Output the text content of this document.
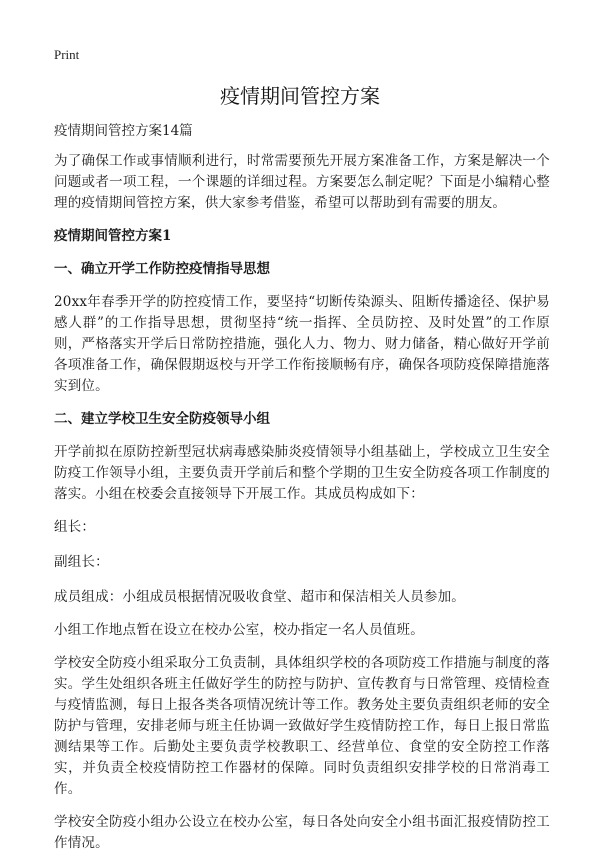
Print
疫情期间管控方案

疫情期间管控方案14篇

为了确保工作或事情顺利进行，时常需要预先开展方案准备工作，方案是解决一个问题或者一项工程，一个课题的详细过程。方案要怎么制定呢？下面是小编精心整理的疫情期间管控方案，供大家参考借鉴，希望可以帮助到有需要的朋友。

疫情期间管控方案1

一、确立开学工作防控疫情指导思想

20xx年春季开学的防控疫情工作，要坚持“切断传染源头、阻断传播途径、保护易感人群”的工作指导思想，贯彻坚持“统一指挥、全员防控、及时处置”的工作原则，严格落实开学后日常防控措施，强化人力、物力、财力储备，精心做好开学前各项准备工作，确保假期返校与开学工作衔接顺畅有序，确保各项防疫保障措施落实到位。

二、建立学校卫生安全防疫领导小组

开学前拟在原防控新型冠状病毒感染肺炎疫情领导小组基础上，学校成立卫生安全防疫工作领导小组，主要负责开学前后和整个学期的卫生安全防疫各项工作制度的落实。小组在校委会直接领导下开展工作。其成员构成如下：

组长：

副组长：

成员组成：小组成员根据情况吸收食堂、超市和保洁相关人员参加。

小组工作地点暂在设立在校办公室，校办指定一名人员值班。

学校安全防疫小组采取分工负责制，具体组织学校的各项防疫工作措施与制度的落实。学生处组织各班主任做好学生的防控与防护、宣传教育与日常管理、疫情检查与疫情监测，每日上报各类各项情况统计等工作。教务处主要负责组织老师的安全防护与管理，安排老师与班主任协调一致做好学生疫情防控工作，每日上报日常监测结果等工作。后勤处主要负责学校教职工、经营单位、食堂的安全防控工作落实，并负责全校疫情防控工作器材的保障。同时负责组织安排学校的日常消毒工作。

学校安全防疫小组办公设立在校办公室，每日各处向安全小组书面汇报疫情防控工作情况。
